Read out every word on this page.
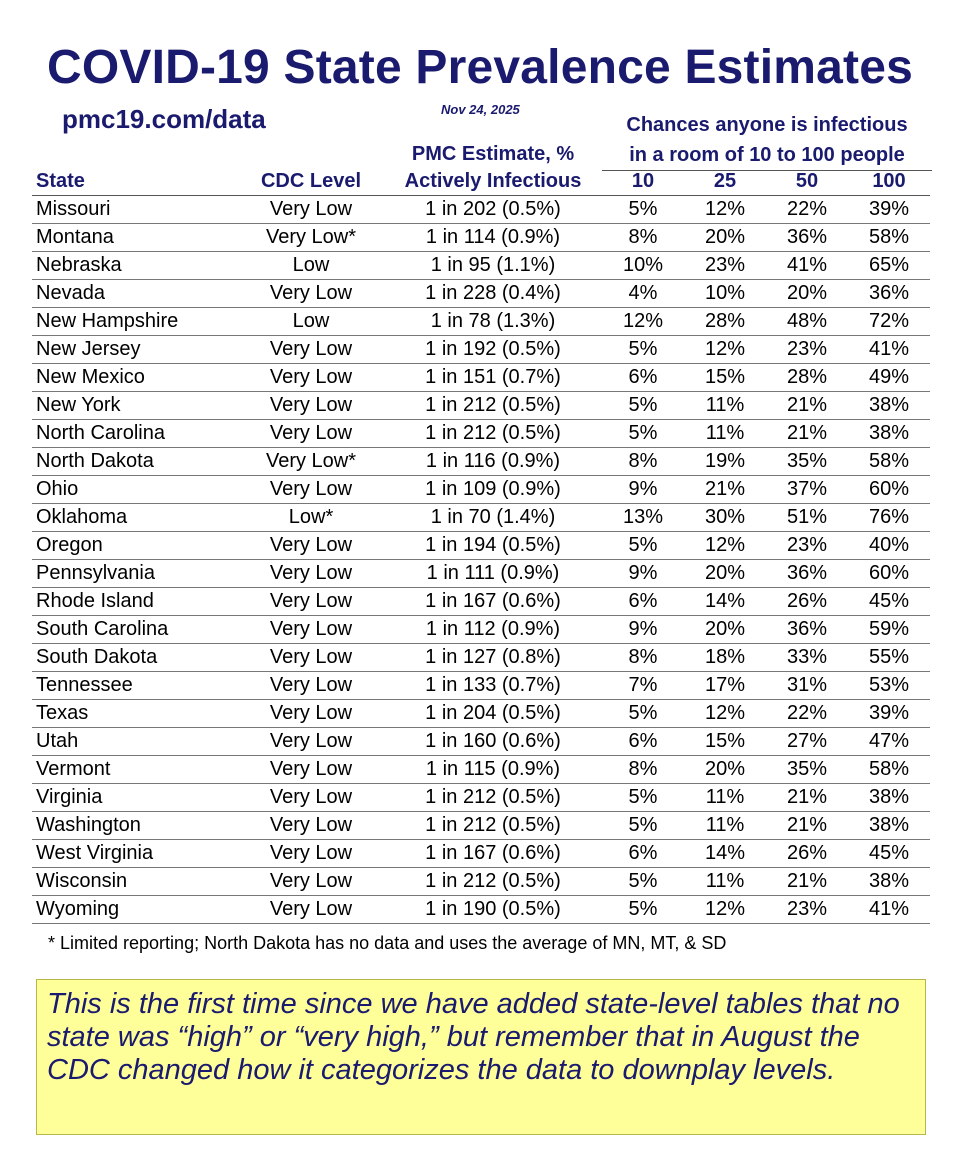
COVID-19 State Prevalence Estimates
pmc19.com/data	Nov 24, 2025
Chances anyone is infectious
in a room of 10 to 100 people
State	CDC Level	PMC Estimate, %
Actively Infectious	10	25	50	100
Missouri	Very Low	1 in 202 (0.5%)	5%	12%	22%	39%
Montana	Very Low*	1 in 114 (0.9%)	8%	20%	36%	58%
Nebraska	Low	1 in 95 (1.1%)	10%	23%	41%	65%
Nevada	Very Low	1 in 228 (0.4%)	4%	10%	20%	36%
New Hampshire	Low	1 in 78 (1.3%)	12%	28%	48%	72%
New Jersey	Very Low	1 in 192 (0.5%)	5%	12%	23%	41%
New Mexico	Very Low	1 in 151 (0.7%)	6%	15%	28%	49%
New York	Very Low	1 in 212 (0.5%)	5%	11%	21%	38%
North Carolina	Very Low	1 in 212 (0.5%)	5%	11%	21%	38%
North Dakota	Very Low*	1 in 116 (0.9%)	8%	19%	35%	58%
Ohio	Very Low	1 in 109 (0.9%)	9%	21%	37%	60%
Oklahoma	Low*	1 in 70 (1.4%)	13%	30%	51%	76%
Oregon	Very Low	1 in 194 (0.5%)	5%	12%	23%	40%
Pennsylvania	Very Low	1 in 111 (0.9%)	9%	20%	36%	60%
Rhode Island	Very Low	1 in 167 (0.6%)	6%	14%	26%	45%
South Carolina	Very Low	1 in 112 (0.9%)	9%	20%	36%	59%
South Dakota	Very Low	1 in 127 (0.8%)	8%	18%	33%	55%
Tennessee	Very Low	1 in 133 (0.7%)	7%	17%	31%	53%
Texas	Very Low	1 in 204 (0.5%)	5%	12%	22%	39%
Utah	Very Low	1 in 160 (0.6%)	6%	15%	27%	47%
Vermont	Very Low	1 in 115 (0.9%)	8%	20%	35%	58%
Virginia	Very Low	1 in 212 (0.5%)	5%	11%	21%	38%
Washington	Very Low	1 in 212 (0.5%)	5%	11%	21%	38%
West Virginia	Very Low	1 in 167 (0.6%)	6%	14%	26%	45%
Wisconsin	Very Low	1 in 212 (0.5%)	5%	11%	21%	38%
Wyoming	Very Low	1 in 190 (0.5%)	5%	12%	23%	41%
* Limited reporting; North Dakota has no data and uses the average of MN, MT, & SD
This is the first time since we have added state-level tables that no state was “high” or “very high,” but remember that in August the CDC changed how it categorizes the data to downplay levels.
